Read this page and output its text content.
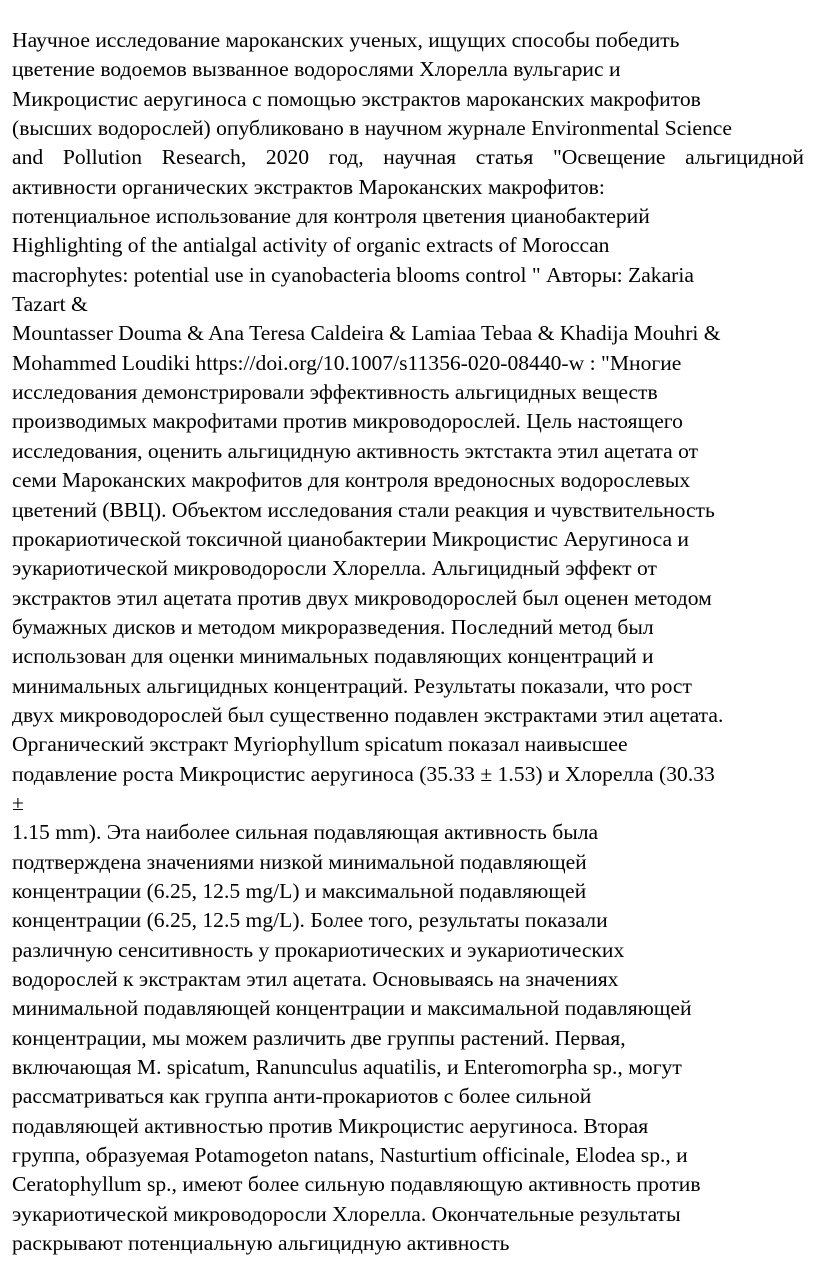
Научное исследование мароканских ученых, ищущих способы победить
цветение водоемов вызванное водорослями Хлорелла вульгарис и
Микроцистис аеругиноса с помощью экстрактов мароканских макрофитов
(высших водорослей) опубликовано в научном журнале Environmental Science
and Pollution Research, 2020 год, научная статья "Освещение альгицидной
активности органических экстрактов Мароканских макрофитов:
потенциальное использование для контроля цветения цианобактерий
Highlighting of the antialgal activity of organic extracts of Moroccan
macrophytes: potential use in cyanobacteria blooms control " Авторы: Zakaria
Tazart &
Mountasser Douma & Ana Teresa Caldeira & Lamiaa Tebaa & Khadija Mouhri &
Mohammed Loudiki https://doi.org/10.1007/s11356-020-08440-w : "Многие
исследования демонстрировали эффективность альгицидных веществ
производимых макрофитами против микроводорослей. Цель настоящего
исследования, оценить альгицидную активность эктстакта этил ацетата от
семи Мароканских макрофитов для контроля вредоносных водорослевых
цветений (ВВЦ). Объектом исследования стали реакция и чувствительность
прокариотической токсичной цианобактерии Микроцистис Аеругиноса и
эукариотической микроводоросли Хлорелла. Альгицидный эффект от
экстрактов этил ацетата против двух микроводорослей был оценен методом
бумажных дисков и методом микроразведения. Последний метод был
использован для оценки минимальных подавляющих концентраций и
минимальных альгицидных концентраций. Результаты показали, что рост
двух микроводорослей был существенно подавлен экстрактами этил ацетата.
Органический экстракт Myriophyllum spicatum показал наивысшее
подавление роста Микроцистис аеругиноса (35.33 ± 1.53) и Хлорелла (30.33
±
1.15 mm). Эта наиболее сильная подавляющая активность была
подтверждена значениями низкой минимальной подавляющей
концентрации (6.25, 12.5 mg/L) и максимальной подавляющей
концентрации (6.25, 12.5 mg/L). Более того, результаты показали
различную сенситивность у прокариотических и эукариотических
водорослей к экстрактам этил ацетата. Основываясь на значениях
минимальной подавляющей концентрации и максимальной подавляющей
концентрации, мы можем различить две группы растений. Первая,
включающая M. spicatum, Ranunculus aquatilis, и Enteromorpha sp., могут
рассматриваться как группа анти-прокариотов с более сильной
подавляющей активностью против Микроцистис аеругиноса. Вторая
группа, образуемая Potamogeton natans, Nasturtium officinale, Elodea sp., и
Ceratophyllum sp., имеют более сильную подавляющую активность против
эукариотической микроводоросли Хлорелла. Окончательные результаты
раскрывают потенциальную альгицидную активность
